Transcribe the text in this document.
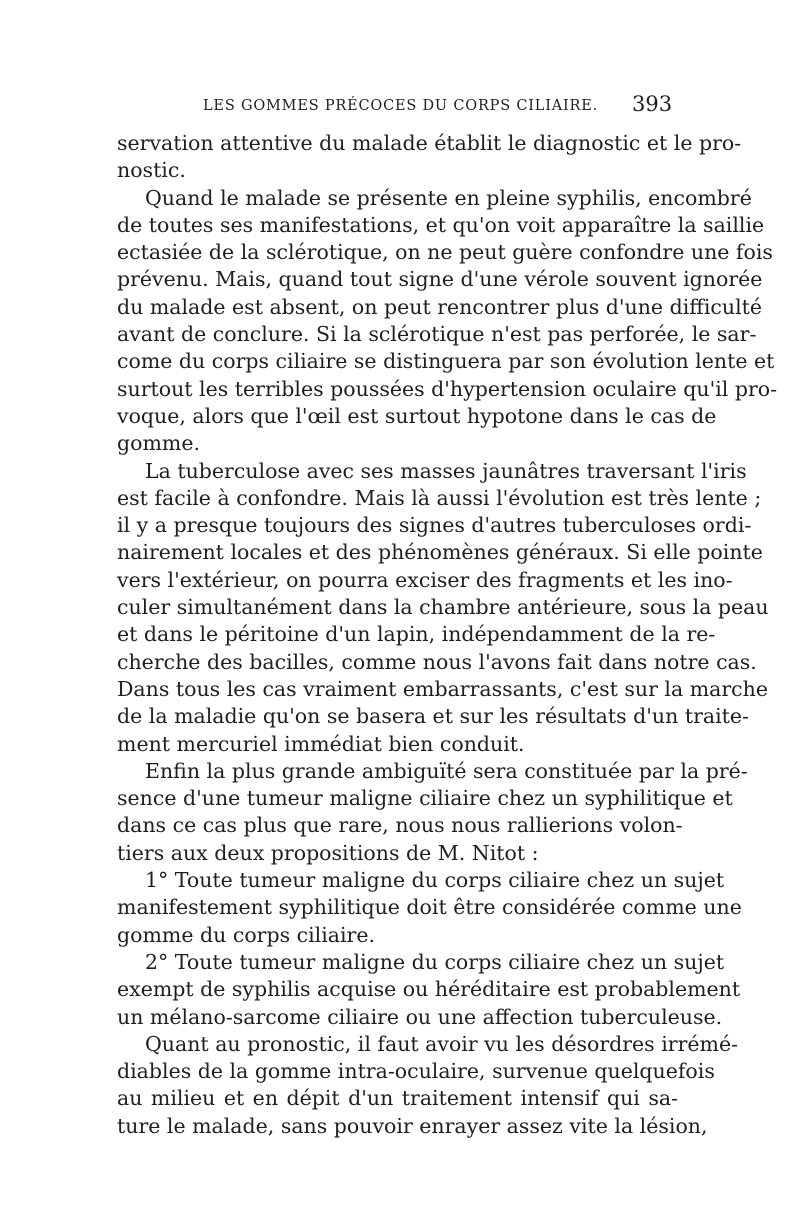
LES GOMMES PRÉCOCES DU CORPS CILIAIRE. 393
servation attentive du malade établit le diagnostic et le pro-
nostic.
Quand le malade se présente en pleine syphilis, encombré
de toutes ses manifestations, et qu'on voit apparaître la saillie
ectasiée de la sclérotique, on ne peut guère confondre une fois
prévenu. Mais, quand tout signe d'une vérole souvent ignorée
du malade est absent, on peut rencontrer plus d'une difficulté
avant de conclure. Si la sclérotique n'est pas perforée, le sar-
come du corps ciliaire se distinguera par son évolution lente et
surtout les terribles poussées d'hypertension oculaire qu'il pro-
voque, alors que l'œil est surtout hypotone dans le cas de
gomme.
La tuberculose avec ses masses jaunâtres traversant l'iris
est facile à confondre. Mais là aussi l'évolution est très lente ;
il y a presque toujours des signes d'autres tuberculoses ordi-
nairement locales et des phénomènes généraux. Si elle pointe
vers l'extérieur, on pourra exciser des fragments et les ino-
culer simultanément dans la chambre antérieure, sous la peau
et dans le péritoine d'un lapin, indépendamment de la re-
cherche des bacilles, comme nous l'avons fait dans notre cas.
Dans tous les cas vraiment embarrassants, c'est sur la marche
de la maladie qu'on se basera et sur les résultats d'un traite-
ment mercuriel immédiat bien conduit.
Enfin la plus grande ambiguïté sera constituée par la pré-
sence d'une tumeur maligne ciliaire chez un syphilitique et
dans ce cas plus que rare, nous nous rallierions volon-
tiers aux deux propositions de M. Nitot :
1° Toute tumeur maligne du corps ciliaire chez un sujet
manifestement syphilitique doit être considérée comme une
gomme du corps ciliaire.
2° Toute tumeur maligne du corps ciliaire chez un sujet
exempt de syphilis acquise ou héréditaire est probablement
un mélano-sarcome ciliaire ou une affection tuberculeuse.
Quant au pronostic, il faut avoir vu les désordres irrémé-
diables de la gomme intra-oculaire, survenue quelquefois
au milieu et en dépit d'un traitement intensif qui sa-
ture le malade, sans pouvoir enrayer assez vite la lésion,
